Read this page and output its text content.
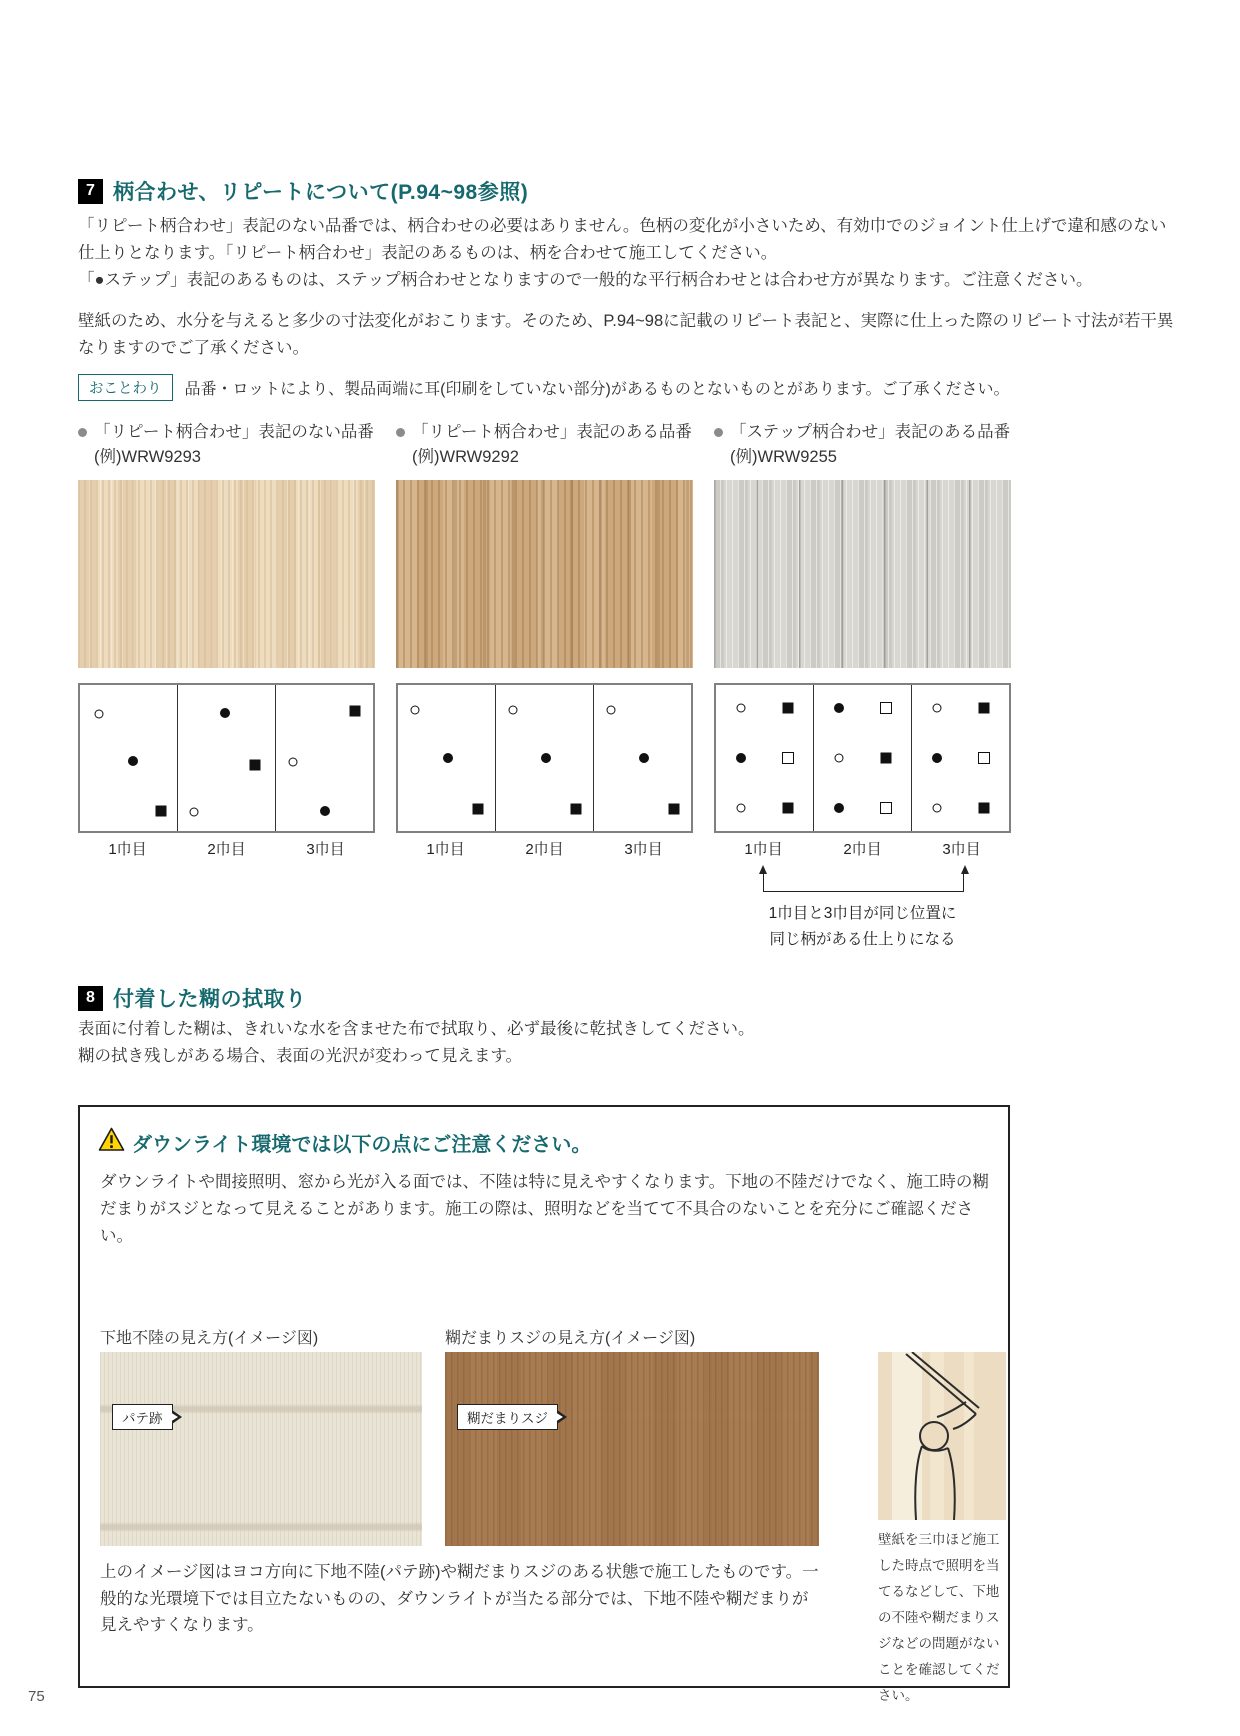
7 柄合わせ、リピートについて(P.94~98参照)

「リピート柄合わせ」表記のない品番では、柄合わせの必要はありません。色柄の変化が小さいため、有効巾でのジョイント仕上げで違和感のない仕上りとなります。「リピート柄合わせ」表記のあるものは、柄を合わせて施工してください。

「●ステップ」表記のあるものは、ステップ柄合わせとなりますので一般的な平行柄合わせとは合わせ方が異なります。ご注意ください。

壁紙のため、水分を与えると多少の寸法変化がおこります。そのため、P.94~98に記載のリピート表記と、実際に仕上った際のリピート寸法が若干異なりますのでご了承ください。

おことわり	品番・ロットにより、製品両端に耳(印刷をしていない部分)があるものとないものとがあります。ご了承ください。
「リピート柄合わせ」表記のない品番
(例)WRW9293
1巾目	2巾目	3巾目
「リピート柄合わせ」表記のある品番
(例)WRW9292
1巾目	2巾目	3巾目
「ステップ柄合わせ」表記のある品番
(例)WRW9255
1巾目	2巾目	3巾目
1巾目と3巾目が同じ位置に
同じ柄がある仕上りになる
8 付着した糊の拭取り

表面に付着した糊は、きれいな水を含ませた布で拭取り、必ず最後に乾拭きしてください。

糊の拭き残しがある場合、表面の光沢が変わって見えます。

ダウンライト環境では以下の点にご注意ください。

ダウンライトや間接照明、窓から光が入る面では、不陸は特に見えやすくなります。下地の不陸だけでなく、施工時の糊だまりがスジとなって見えることがあります。施工の際は、照明などを当てて不具合のないことを充分にご確認ください。

下地不陸の見え方(イメージ図)	糊だまりスジの見え方(イメージ図)
パテ跡	糊だまりスジ

上のイメージ図はヨコ方向に下地不陸(パテ跡)や糊だまりスジのある状態で施工したものです。一般的な光環境下では目立たないものの、ダウンライトが当たる部分では、下地不陸や糊だまりが見えやすくなります。

壁紙を三巾ほど施工した時点で照明を当てるなどして、下地の不陸や糊だまりスジなどの問題がないことを確認してください。

75
